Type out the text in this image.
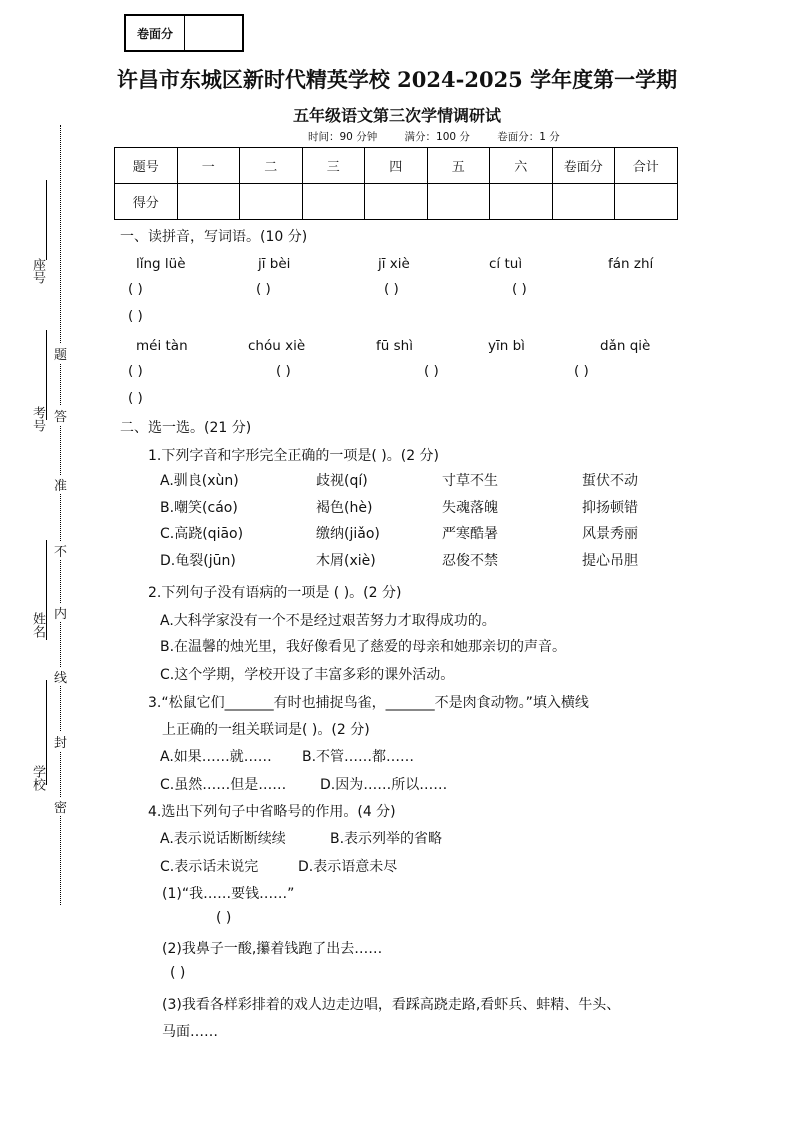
卷面分
许昌市东城区新时代精英学校 2024-2025 学年度第一学期
五年级语文第三次学情调研试
时间：90 分钟	满分：100 分	卷面分：1 分
题号	一	二	三	四	五	六	卷面分	合计
得分								
座号
考号
姓名
学校
题
答
准
不
内
线
封
密
一、读拼音，写词语。(10 分)
lǐng lüè	jī bèi	jī xiè	cí tuì	fán zhí
( )	( )	( )	( )
( )
méi tàn	chóu xiè	fū shì	yīn bì	dǎn qiè
( )	( )	( )	( )
( )
二、选一选。(21 分)
1.下列字音和字形完全正确的一项是( )。(2 分)
A.驯良(xùn)	歧视(qí)	寸草不生	蜇伏不动
B.嘲笑(cáo)	褐色(hè)	失魂落魄	抑扬顿错
C.高跷(qiāo)	缴纳(jiǎo)	严寒酷暑	风景秀丽
D.龟裂(jūn)	木屑(xiè)	忍俊不禁	提心吊胆
2.下列句子没有语病的一项是 ( )。(2 分)
A.大科学家没有一个不是经过艰苦努力才取得成功的。
B.在温馨的烛光里，我好像看见了慈爱的母亲和她那亲切的声音。
C.这个学期，学校开设了丰富多彩的课外活动。
3.“松鼠它们_______有时也捕捉鸟雀，_______不是肉食动物。”填入横线
上正确的一组关联词是( )。(2 分)
A.如果……就…… B.不管……都……
C.虽然……但是…… D.因为……所以……
4.选出下列句子中省略号的作用。(4 分)
A.表示说话断断续续	B.表示列举的省略
C.表示话未说完	D.表示语意未尽
(1)“我……要钱……”
( )
(2)我鼻子一酸,攥着钱跑了出去……
( )
(3)我看各样彩排着的戏人边走边唱，看踩高跷走路,看虾兵、蚌精、牛头、
马面……
